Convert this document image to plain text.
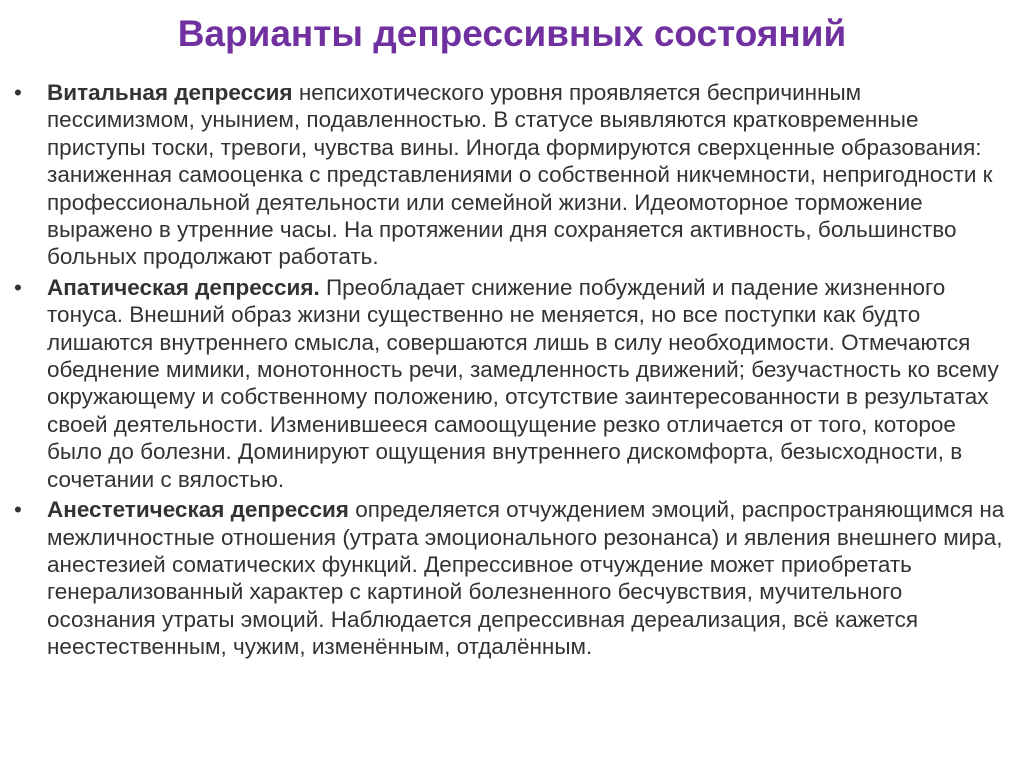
Варианты депрессивных состояний
•	Витальная депрессия непсихотического уровня проявляется беспричинным пессимизмом, унынием, подавленностью. В статусе выявляются кратковременные приступы тоски, тревоги, чувства вины. Иногда формируются сверхценные образования: заниженная самооценка с представлениями о собственной никчемности, непригодности к профессиональной деятельности или семейной жизни. Идеомоторное торможение выражено в утренние часы. На протяжении дня сохраняется активность, большинство больных продолжают работать.
•	Апатическая депрессия. Преобладает снижение побуждений и падение жизненного тонуса. Внешний образ жизни существенно не меняется, но все поступки как будто лишаются внутреннего смысла, совершаются лишь в силу необходимости. Отмечаются обеднение мимики, монотонность речи, замедленность движений; безучастность ко всему окружающему и собственному положению, отсутствие заинтересованности в результатах своей деятельности. Изменившееся самоощущение резко отличается от того, которое было до болезни. Доминируют ощущения внутреннего дискомфорта, безысходности, в сочетании с вялостью.
•	Анестетическая депрессия определяется отчуждением эмоций, распространяющимся на межличностные отношения (утрата эмоционального резонанса) и явления внешнего мира, анестезией соматических функций. Депрессивное отчуждение может приобретать генерализованный характер с картиной болезненного бесчувствия, мучительного осознания утраты эмоций. Наблюдается депрессивная дереализация, всё кажется неестественным, чужим, изменённым, отдалённым.
